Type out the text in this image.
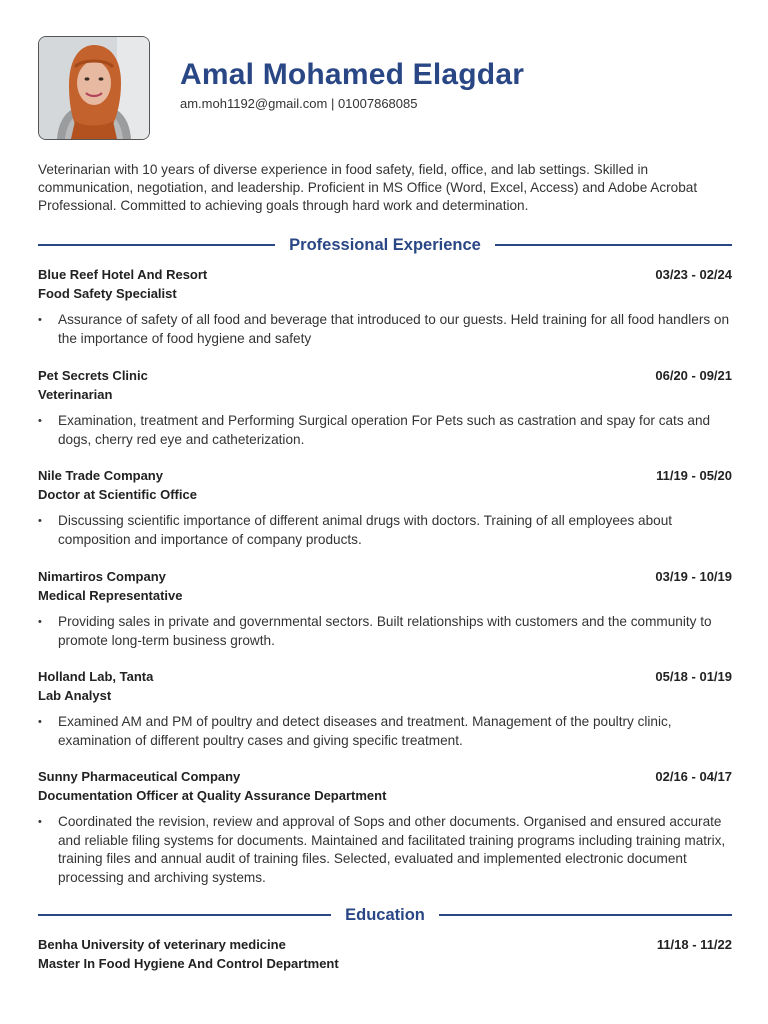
Amal Mohamed Elagdar
am.moh1192@gmail.com | 01007868085

Veterinarian with 10 years of diverse experience in food safety, field, office, and lab settings. Skilled in communication, negotiation, and leadership. Proficient in MS Office (Word, Excel, Access) and Adobe Acrobat Professional. Committed to achieving goals through hard work and determination.

Professional Experience
Blue Reef Hotel And Resort	03/23 - 02/24
Food Safety Specialist
• Assurance of safety of all food and beverage that introduced to our guests. Held training for all food handlers on the importance of food hygiene and safety
Pet Secrets Clinic	06/20 - 09/21
Veterinarian
• Examination, treatment and Performing Surgical operation For Pets such as castration and spay for cats and dogs, cherry red eye and catheterization.
Nile Trade Company	11/19 - 05/20
Doctor at Scientific Office
• Discussing scientific importance of different animal drugs with doctors. Training of all employees about composition and importance of company products.
Nimartiros Company	03/19 - 10/19
Medical Representative
• Providing sales in private and governmental sectors. Built relationships with customers and the community to promote long-term business growth.
Holland Lab, Tanta	05/18 - 01/19
Lab Analyst
• Examined AM and PM of poultry and detect diseases and treatment. Management of the poultry clinic, examination of different poultry cases and giving specific treatment.
Sunny Pharmaceutical Company	02/16 - 04/17
Documentation Officer at Quality Assurance Department
• Coordinated the revision, review and approval of Sops and other documents. Organised and ensured accurate and reliable filing systems for documents. Maintained and facilitated training programs including training matrix, training files and annual audit of training files. Selected, evaluated and implemented electronic document processing and archiving systems.
Education
Benha University of veterinary medicine	11/18 - 11/22
Master In Food Hygiene And Control Department
